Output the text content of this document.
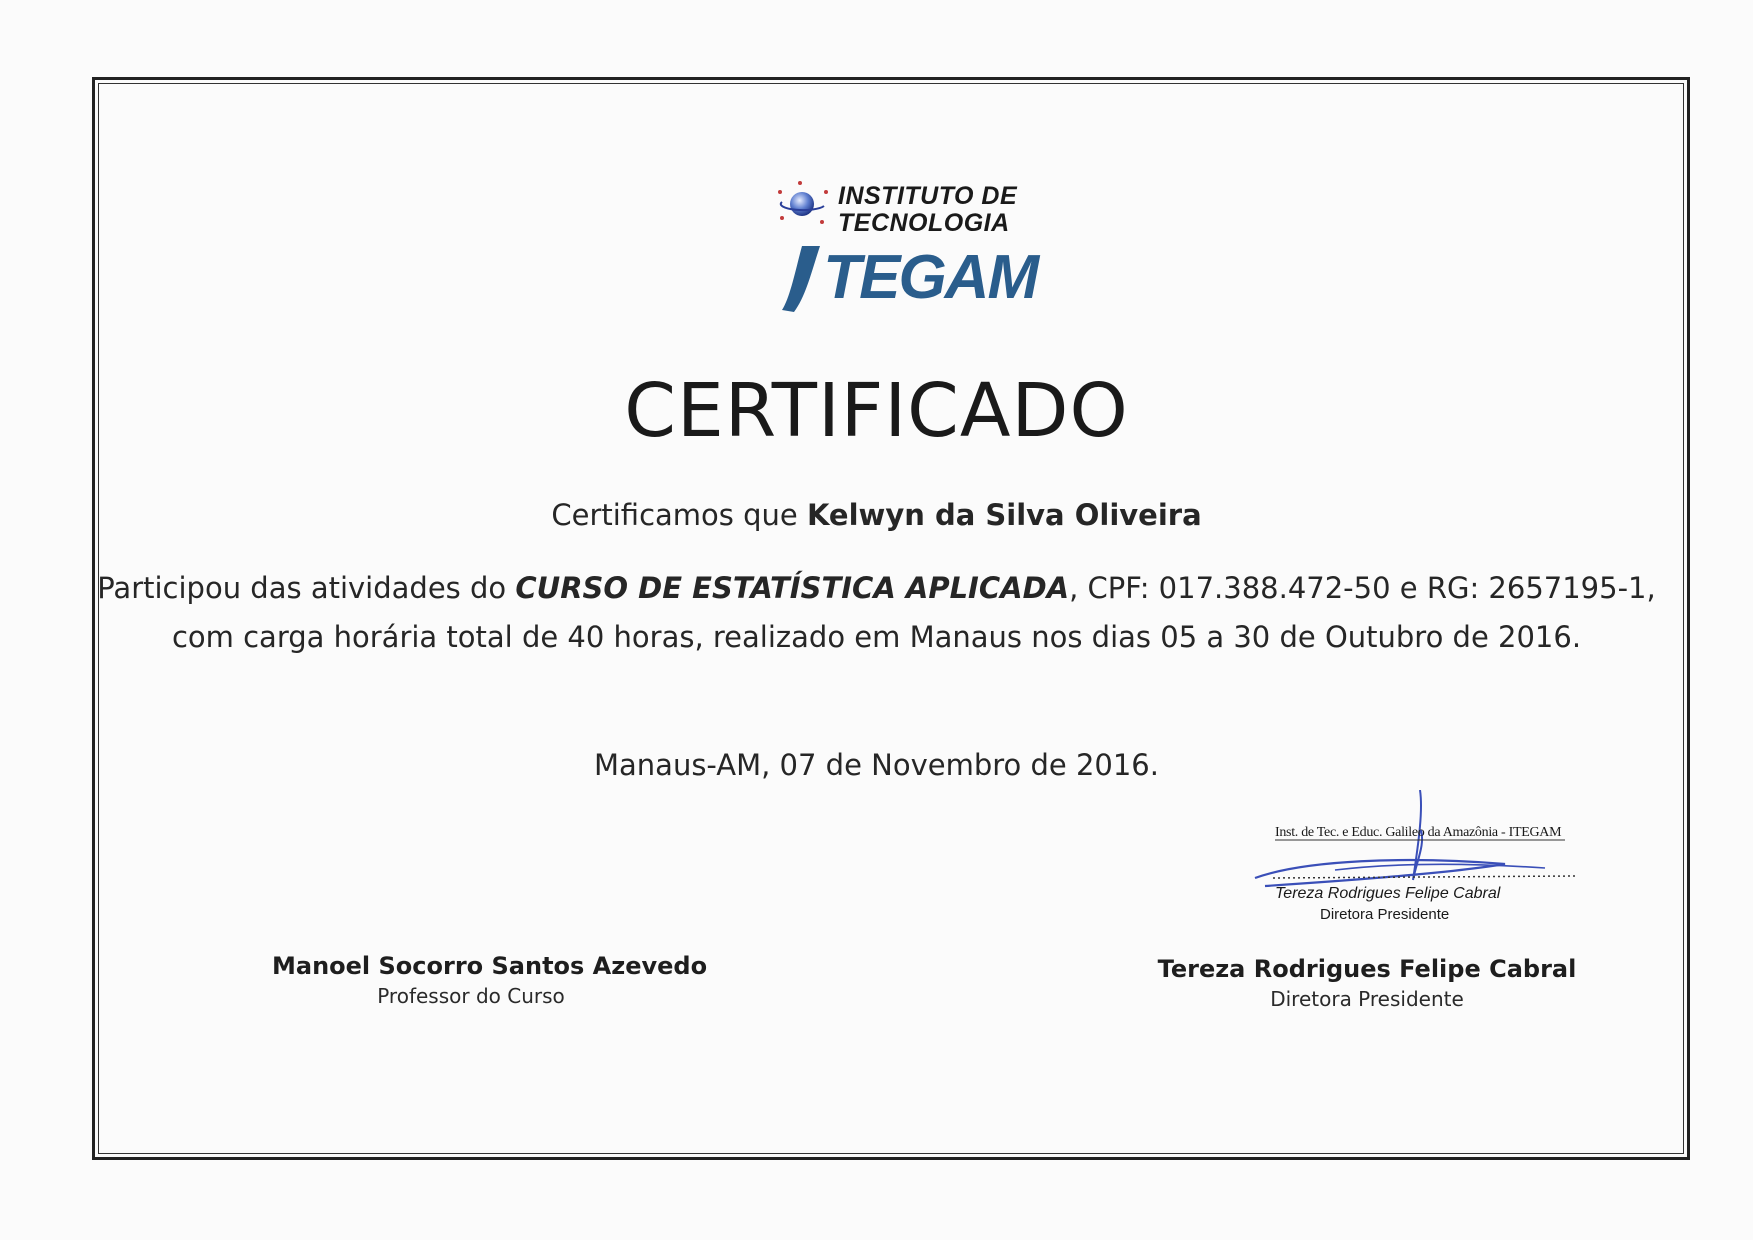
INSTITUTO DE
TECNOLOGIA
TEGAM
CERTIFICADO
Certificamos que Kelwyn da Silva Oliveira
Participou das atividades do CURSO DE ESTATÍSTICA APLICADA, CPF: 017.388.472-50 e RG: 2657195-1,
com carga horária total de 40 horas, realizado em Manaus nos dias 05 a 30 de Outubro de 2016.
Manaus-AM, 07 de Novembro de 2016.
Inst. de Tec. e Educ. Galileo da Amazônia - ITEGAM
Tereza Rodrigues Felipe Cabral
Diretora Presidente
Manoel Socorro Santos Azevedo
Professor do Curso
Tereza Rodrigues Felipe Cabral
Diretora Presidente
